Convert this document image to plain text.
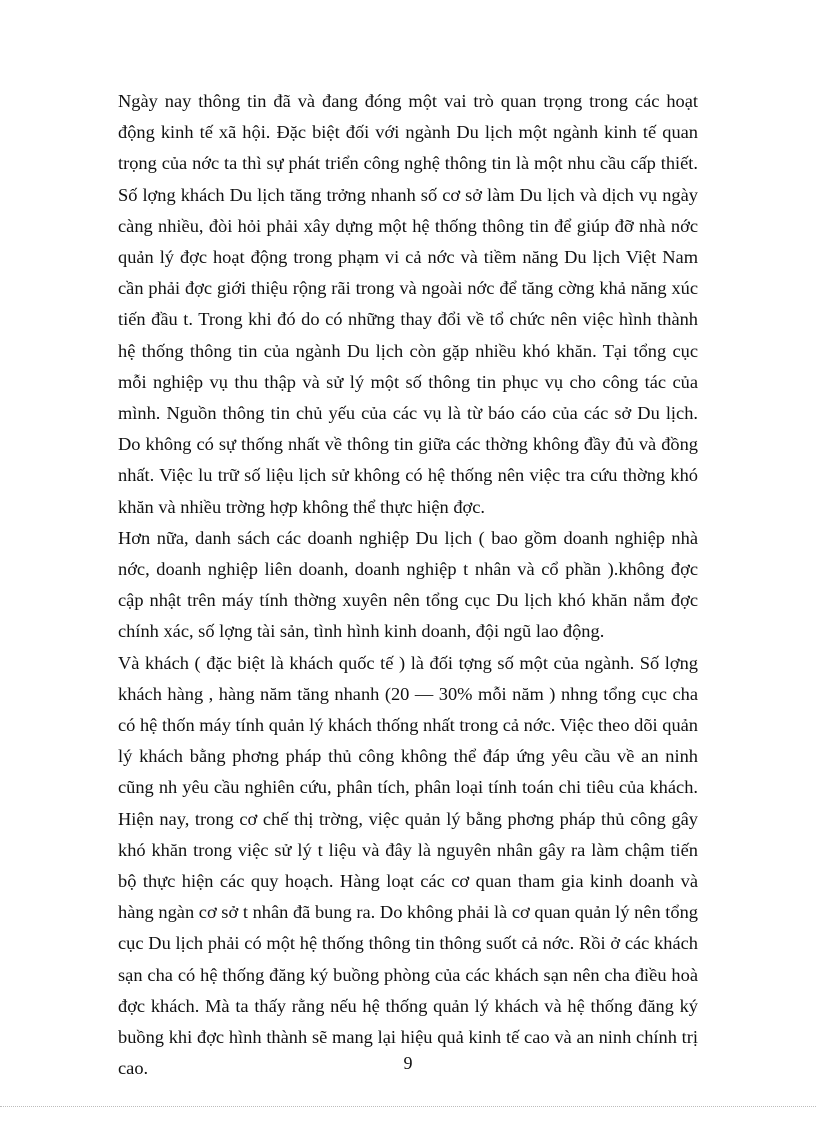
Ngày nay thông tin đã và đang đóng một vai trò quan trọng trong các hoạt động kinh tế xã hội. Đặc biệt đối với ngành Du lịch một ngành kinh tế quan trọng của nớc ta thì sự phát triển công nghệ thông tin là một nhu cầu cấp thiết. Số lợng khách Du lịch tăng trởng nhanh số cơ sở làm Du lịch và dịch vụ ngày càng nhiều, đòi hỏi phải xây dựng một hệ thống thông tin để giúp đỡ nhà nớc quản lý đợc hoạt động trong phạm vi cả nớc và tiềm năng Du lịch Việt Nam cần phải đợc giới thiệu rộng rãi trong và ngoài nớc để tăng cờng khả năng xúc tiến đầu t. Trong khi đó do có những thay đổi về tổ chức nên việc hình thành hệ thống thông tin của ngành Du lịch còn gặp nhiều khó khăn. Tại tổng cục mỗi nghiệp vụ thu thập và sử lý một số thông tin phục vụ cho công tác của mình. Nguồn thông tin chủ yếu của các vụ là từ báo cáo của các sở Du lịch. Do không có sự thống nhất về thông tin giữa các thờng không đầy đủ và đồng nhất. Việc lu trữ số liệu lịch sử không có hệ thống nên việc tra cứu thờng khó khăn và nhiều trờng hợp không thể thực hiện đợc.

Hơn nữa, danh sách các doanh nghiệp Du lịch ( bao gồm doanh nghiệp nhà nớc, doanh nghiệp liên doanh, doanh nghiệp t nhân và cổ phần ).không đợc cập nhật trên máy tính thờng xuyên nên tổng cục Du lịch khó khăn nắm đợc chính xác, số lợng tài sản, tình hình kinh doanh, đội ngũ lao động.

Và khách ( đặc biệt là khách quốc tế ) là đối tợng số một của ngành. Số lợng khách hàng , hàng năm tăng nhanh (20 — 30% mỗi năm ) nhng tổng cục cha có hệ thốn máy tính quản lý khách thống nhất trong cả nớc. Việc theo dõi quản lý khách bằng phơng pháp thủ công không thể đáp ứng yêu cầu về an ninh cũng nh yêu cầu nghiên cứu, phân tích, phân loại tính toán chi tiêu của khách. Hiện nay, trong cơ chế thị trờng, việc quản lý bằng phơng pháp thủ công gây khó khăn trong việc sử lý t liệu và đây là nguyên nhân gây ra làm chậm tiến bộ thực hiện các quy hoạch. Hàng loạt các cơ quan tham gia kinh doanh và hàng ngàn cơ sở t nhân đã bung ra. Do không phải là cơ quan quản lý nên tổng cục Du lịch phải có một hệ thống thông tin thông suốt cả nớc. Rồi ở các khách sạn cha có hệ thống đăng ký buồng phòng của các khách sạn nên cha điều hoà đợc khách. Mà ta thấy rằng nếu hệ thống quản lý khách và hệ thống đăng ký buồng khi đợc hình thành sẽ mang lại hiệu quả kinh tế cao và an ninh chính trị cao.	9
